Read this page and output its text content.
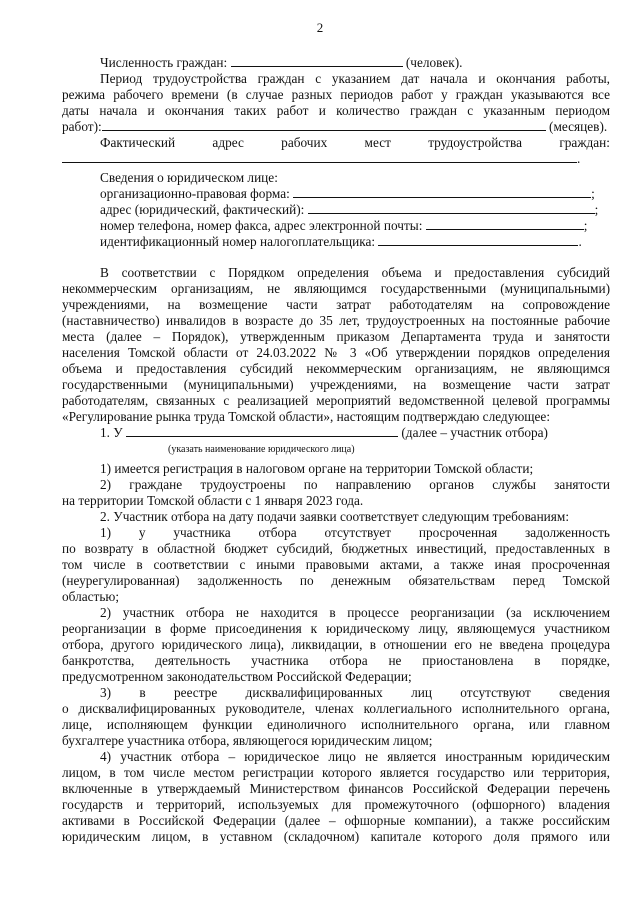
2
Численность граждан:	(человек).
Период трудоустройства граждан с указанием дат начала и окончания работы,
режима рабочего времени (в случае разных периодов работ у граждан указываются все
даты начала и окончания таких работ и количество граждан с указанным периодом
работ):	(месяцев).
Фактический адрес рабочих мест трудоустройства граждан:
.
Сведения о юридическом лице:
организационно-правовая форма:	;
адрес (юридический, фактический):	;
номер телефона, номер факса, адрес электронной почты:	;
идентификационный номер налогоплательщика:	.
В соответствии с Порядком определения объема и предоставления субсидий
некоммерческим организациям, не являющимся государственными (муниципальными)
учреждениями, на возмещение части затрат работодателям на сопровождение
(наставничество) инвалидов в возрасте до 35 лет, трудоустроенных на постоянные рабочие
места (далее – Порядок), утвержденным приказом Департамента труда и занятости
населения Томской области от 24.03.2022 № 3 «Об утверждении порядков определения
объема и предоставления субсидий некоммерческим организациям, не являющимся
государственными (муниципальными) учреждениями, на возмещение части затрат
работодателям, связанных с реализацией мероприятий ведомственной целевой программы
«Регулирование рынка труда Томской области», настоящим подтверждаю следующее:
1. У	(далее – участник отбора)
(указать наименование юридического лица)
1) имеется регистрация в налоговом органе на территории Томской области;
2) граждане трудоустроены по направлению органов службы занятости
на территории Томской области с 1 января 2023 года.
2. Участник отбора на дату подачи заявки соответствует следующим требованиям:
1) у участника отбора отсутствует просроченная задолженность
по возврату в областной бюджет субсидий, бюджетных инвестиций, предоставленных в
том числе в соответствии с иными правовыми актами, а также иная просроченная
(неурегулированная) задолженность по денежным обязательствам перед Томской
областью;
2) участник отбора не находится в процессе реорганизации (за исключением
реорганизации в форме присоединения к юридическому лицу, являющемуся участником
отбора, другого юридического лица), ликвидации, в отношении его не введена процедура
банкротства, деятельность участника отбора не приостановлена в порядке,
предусмотренном законодательством Российской Федерации;
3) в реестре дисквалифицированных лиц отсутствуют сведения
о дисквалифицированных руководителе, членах коллегиального исполнительного органа,
лице, исполняющем функции единоличного исполнительного органа, или главном
бухгалтере участника отбора, являющегося юридическим лицом;
4) участник отбора – юридическое лицо не является иностранным юридическим
лицом, в том числе местом регистрации которого является государство или территория,
включенные в утверждаемый Министерством финансов Российской Федерации перечень
государств и территорий, используемых для промежуточного (офшорного) владения
активами в Российской Федерации (далее – офшорные компании), а также российским
юридическим лицом, в уставном (складочном) капитале которого доля прямого или
